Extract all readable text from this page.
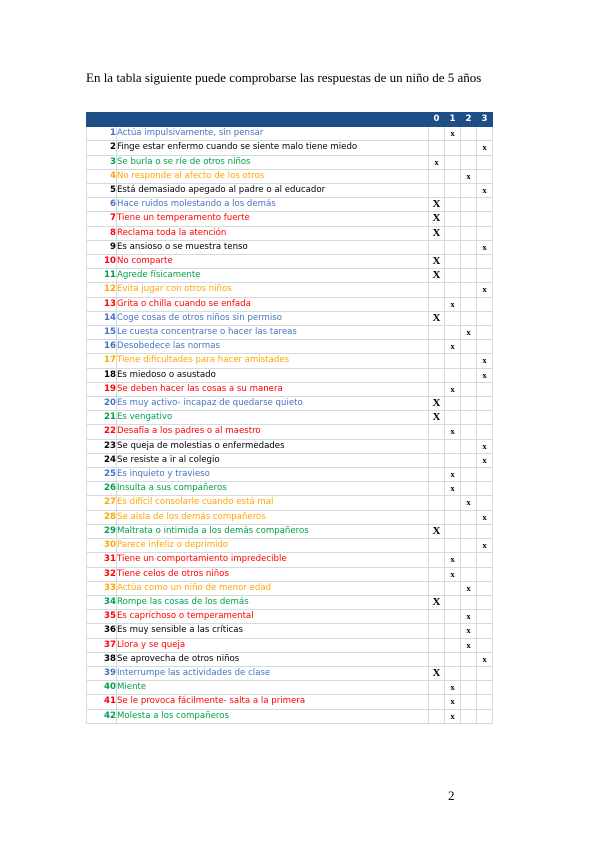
En la tabla siguiente puede comprobarse las respuestas de un niño de 5 años
		0	1	2	3
1	Actúa impulsivamente, sin pensar		x		
2	Finge estar enfermo cuando se siente malo tiene miedo				x
3	Se burla o se ríe de otros niños	x			
4	No responde al afecto de los otros			x	
5	Está demasiado apegado al padre o al educador				x
6	Hace ruidos molestando a los demás	X			
7	Tiene un temperamento fuerte	X			
8	Reclama toda la atención	X			
9	Es ansioso o se muestra tenso				x
10	No comparte	X			
11	Agrede físicamente	X			
12	Evita jugar con otros niños				x
13	Grita o chilla cuando se enfada		x		
14	Coge cosas de otros niños sin permiso	X			
15	Le cuesta concentrarse o hacer las tareas			x	
16	Desobedece las normas		x		
17	Tiene dificultades para hacer amistades				x
18	Es miedoso o asustado				x
19	Se deben hacer las cosas a su manera		x		
20	Es muy activo- incapaz de quedarse quieto	X			
21	Es vengativo	X			
22	Desafía a los padres o al maestro		x		
23	Se queja de molestias o enfermedades				x
24	Se resiste a ir al colegio				x
25	Es inquieto y travieso		x		
26	Insulta a sus compañeros		x		
27	Es difícil consolarle cuando está mal			x	
28	Se aísla de los demás compañeros				x
29	Maltrata o intimida a los demás compañeros	X			
30	Parece infeliz o deprimido				x
31	Tiene un comportamiento impredecible		x		
32	Tiene celos de otros niños		x		
33	Actúa como un niño de menor edad			x	
34	Rompe las cosas de los demás	X			
35	Es caprichoso o temperamental			x	
36	Es muy sensible a las críticas			x	
37	Llora y se queja			x	
38	Se aprovecha de otros niños				x
39	Interrumpe las actividades de clase	X			
40	Miente		x		
41	Se le provoca fácilmente- salta a la primera		x		
42	Molesta a los compañeros		x		
2
